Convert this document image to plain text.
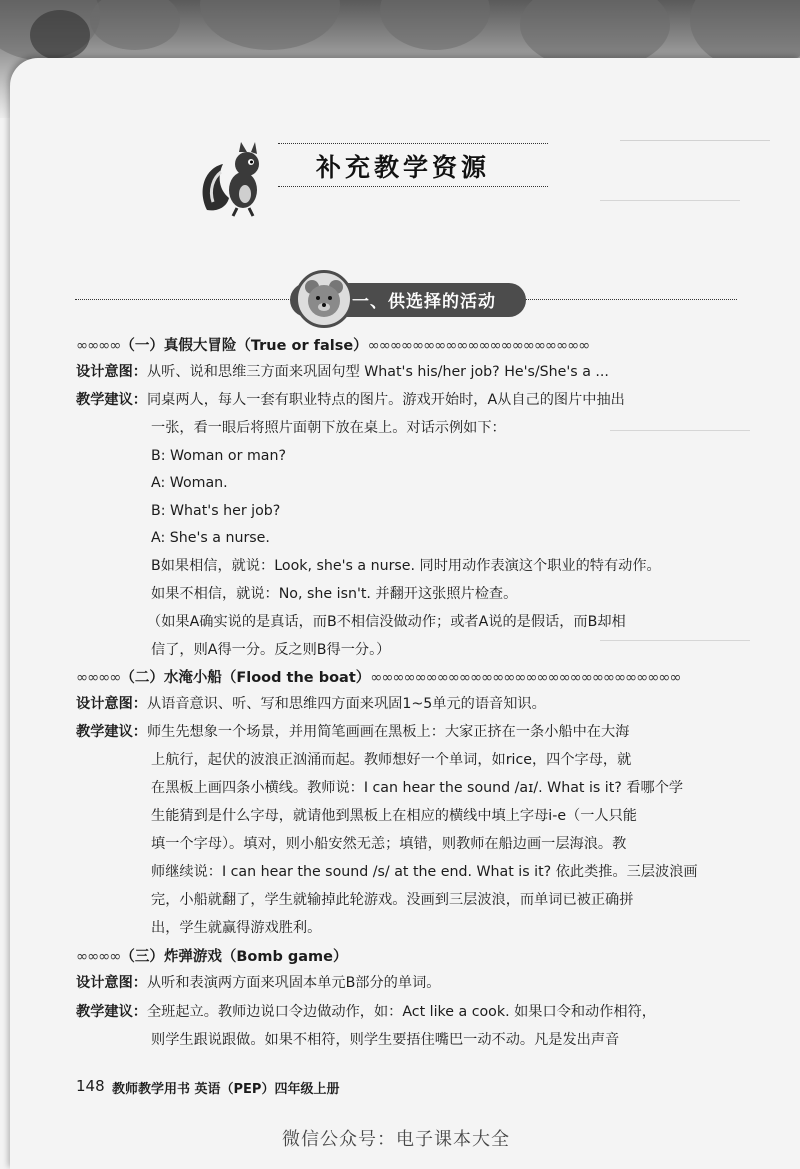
补充教学资源
一、供选择的活动
∞∞∞∞（一）真假大冒险（True or false）∞∞∞∞∞∞∞∞∞∞∞∞∞∞∞∞∞∞∞∞
设计意图：从听、说和思维三方面来巩固句型 What's his/her job? He's/She's a ...
教学建议：同桌两人，每人一套有职业特点的图片。游戏开始时，A从自己的图片中抽出
一张，看一眼后将照片面朝下放在桌上。对话示例如下：
B: Woman or man?
A: Woman.
B: What's her job?
A: She's a nurse.
B如果相信，就说：Look, she's a nurse. 同时用动作表演这个职业的特有动作。
如果不相信，就说：No, she isn't. 并翻开这张照片检查。
（如果A确实说的是真话，而B不相信没做动作；或者A说的是假话，而B却相
信了，则A得一分。反之则B得一分。）
∞∞∞∞（二）水淹小船（Flood the boat）∞∞∞∞∞∞∞∞∞∞∞∞∞∞∞∞∞∞∞∞∞∞∞∞∞∞∞∞
设计意图：从语音意识、听、写和思维四方面来巩固1~5单元的语音知识。
教学建议：师生先想象一个场景，并用简笔画画在黑板上：大家正挤在一条小船中在大海
上航行，起伏的波浪正汹涌而起。教师想好一个单词，如rice，四个字母，就
在黑板上画四条小横线。教师说：I can hear the sound /aɪ/. What is it? 看哪个学
生能猜到是什么字母，就请他到黑板上在相应的横线中填上字母i-e（一人只能
填一个字母）。填对，则小船安然无恙；填错，则教师在船边画一层海浪。教
师继续说：I can hear the sound /s/ at the end. What is it? 依此类推。三层波浪画
完，小船就翻了，学生就输掉此轮游戏。没画到三层波浪，而单词已被正确拼
出，学生就赢得游戏胜利。
∞∞∞∞（三）炸弹游戏（Bomb game）
设计意图：从听和表演两方面来巩固本单元B部分的单词。
教学建议：全班起立。教师边说口令边做动作，如：Act like a cook. 如果口令和动作相符，
则学生跟说跟做。如果不相符，则学生要捂住嘴巴一动不动。凡是发出声音
148 教师教学用书 英语（PEP）四年级上册
微信公众号：电子课本大全
